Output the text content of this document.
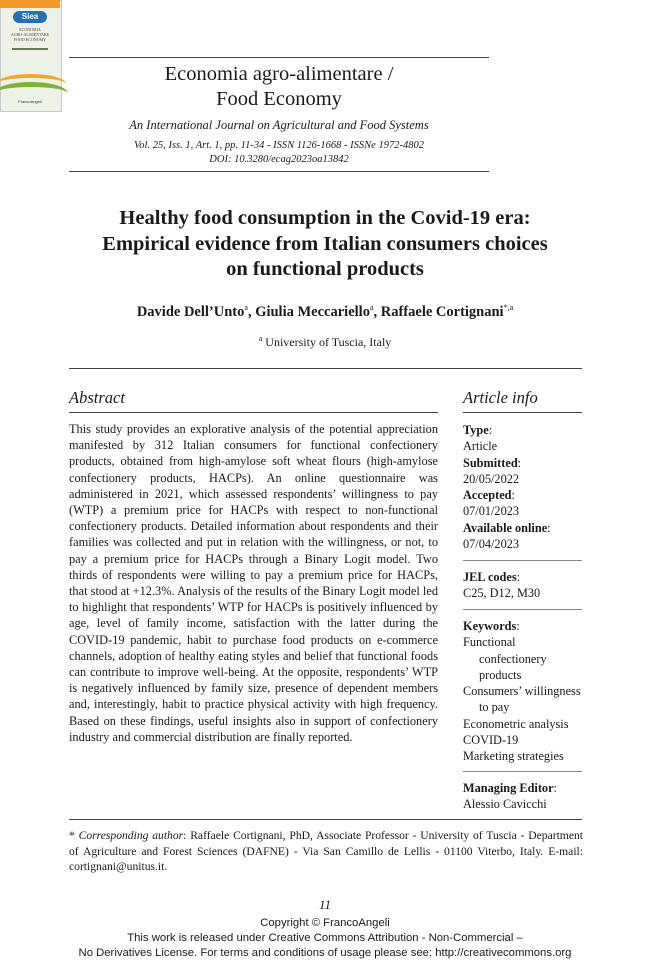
Economia agro-alimentare /
Food Economy
An International Journal on Agricultural and Food Systems
Vol. 25, Iss. 1, Art. 1, pp. 11-34 - ISSN 1126-1668 - ISSNe 1972-4802
DOI: 10.3280/ecag2023oa13842
Siea
ECONOMIA
AGRO-ALIMENTARE
FOOD ECONOMY
FrancoAngeli
Healthy food consumption in the Covid-19 era:
Empirical evidence from Italian consumers choices
on functional products
Davide Dell’Unto$^a$, Giulia Meccariello$^a$, Raffaele Cortignani$^{*,a}$
$^a$ University of Tuscia, Italy
Abstract
This study provides an explorative analysis of the potential appreciation manifested by 312 Italian consumers for functional confectionery products, obtained from high-amylose soft wheat flours (high-amylose confectionery products, HACPs). An online questionnaire was administered in 2021, which assessed respondents’ willingness to pay (WTP) a premium price for HACPs with respect to non-functional confectionery products. Detailed information about respondents and their families was collected and put in relation with the willingness, or not, to pay a premium price for HACPs through a Binary Logit model. Two thirds of respondents were willing to pay a premium price for HACPs, that stood at +12.3%. Analysis of the results of the Binary Logit model led to highlight that respondents’ WTP for HACPs is positively influenced by age, level of family income, satisfaction with the latter during the COVID-19 pandemic, habit to purchase food products on e-commerce channels, adoption of healthy eating styles and belief that functional foods can contribute to improve well-being. At the opposite, respondents’ WTP is negatively influenced by family size, presence of dependent members and, interestingly, habit to practice physical activity with high frequency. Based on these findings, useful insights also in support of confectionery industry and commercial distribution are finally reported.
Article info
Type:
Article
Submitted:
20/05/2022
Accepted:
07/01/2023
Available online:
07/04/2023
JEL codes:
C25, D12, M30
Keywords:
Functional confectionery products
Consumers’ willingness to pay
Econometric analysis
COVID-19
Marketing strategies
Managing Editor:
Alessio Cavicchi
* Corresponding author: Raffaele Cortignani, PhD, Associate Professor - University of Tuscia - Department of Agriculture and Forest Sciences (DAFNE) - Via San Camillo de Lellis - 01100 Viterbo, Italy. E-mail: cortignani@unitus.it.
11
Copyright © FrancoAngeli
This work is released under Creative Commons Attribution - Non-Commercial –
No Derivatives License. For terms and conditions of usage please see: http://creativecommons.org
